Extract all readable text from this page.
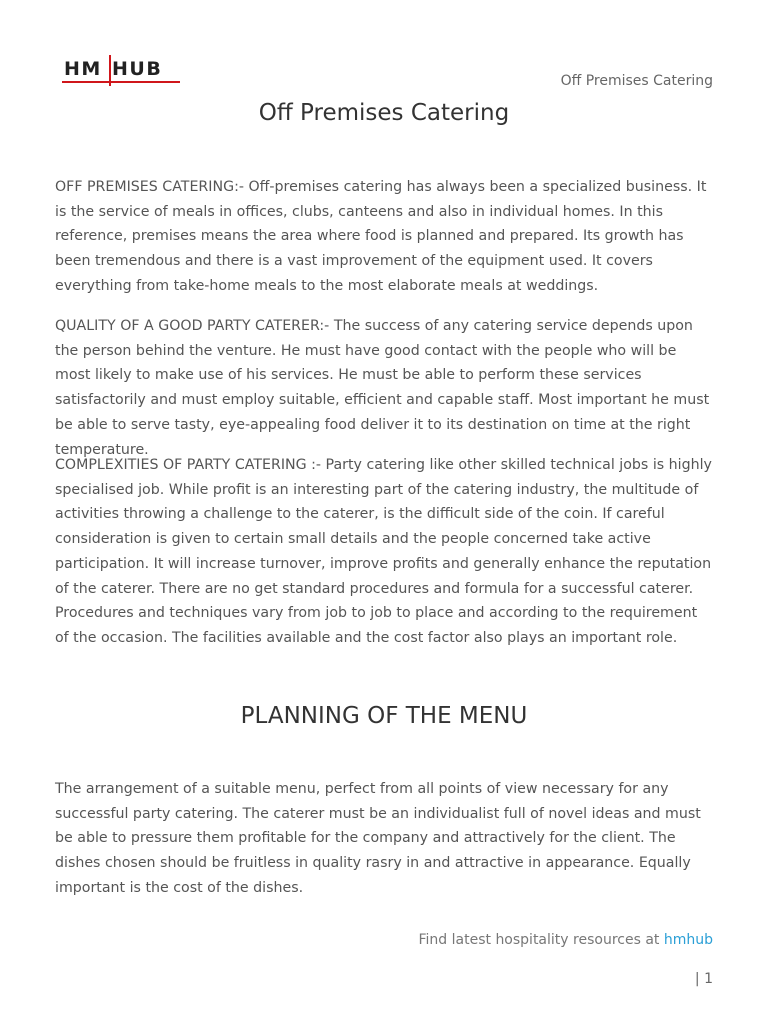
HM HUB
Off Premises Catering
Off Premises Catering

OFF PREMISES CATERING:- Off-premises catering has always been a specialized business. It is the service of meals in offices, clubs, canteens and also in individual homes. In this reference, premises means the area where food is planned and prepared. Its growth has been tremendous and there is a vast improvement of the equipment used. It covers everything from take-home meals to the most elaborate meals at weddings.

QUALITY OF A GOOD PARTY CATERER:- The success of any catering service depends upon the person behind the venture. He must have good contact with the people who will be most likely to make use of his services. He must be able to perform these services satisfactorily and must employ suitable, efficient and capable staff. Most important he must be able to serve tasty, eye-appealing food deliver it to its destination on time at the right temperature.

COMPLEXITIES OF PARTY CATERING :- Party catering like other skilled technical jobs is highly specialised job. While profit is an interesting part of the catering industry, the multitude of activities throwing a challenge to the caterer, is the difficult side of the coin. If careful consideration is given to certain small details and the people concerned take active participation. It will increase turnover, improve profits and generally enhance the reputation of the caterer. There are no get standard procedures and formula for a successful caterer. Procedures and techniques vary from job to job to place and according to the requirement of the occasion. The facilities available and the cost factor also plays an important role.

PLANNING OF THE MENU

The arrangement of a suitable menu, perfect from all points of view necessary for any successful party catering. The caterer must be an individualist full of novel ideas and must be able to pressure them profitable for the company and attractively for the client. The dishes chosen should be fruitless in quality rasry in and attractive in appearance. Equally important is the cost of the dishes.

Find latest hospitality resources at hmhub
| 1
